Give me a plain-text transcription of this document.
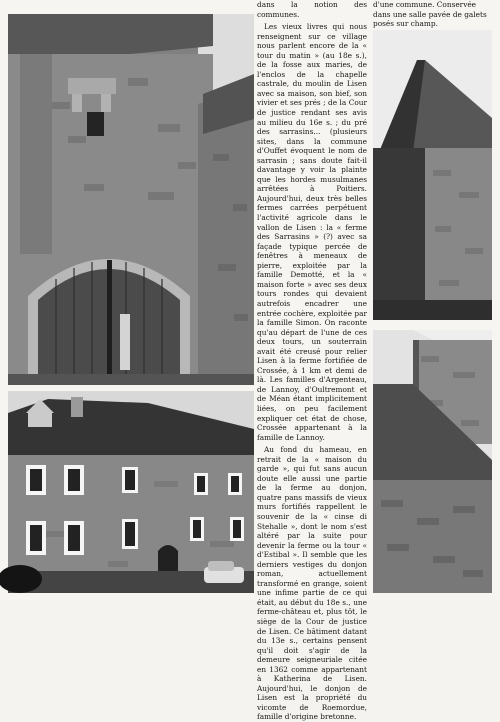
dans la notion des communes.

Les vieux livres qui nous renseignent sur ce village nous parlent encore de la « tour du matin » (au 18e s.), de la fosse aux maries, de l'enclos de la chapelle castrale, du moulin de Lisen avec sa maison, son bief, son vivier et ses prés ; de la Cour de justice rendant ses avis au milieu du 16e s. ; du pré des sarrasins... (plusieurs sites, dans la commune d'Ouffet évoquent le nom de sarrasin ; sans doute fait-il davantage y voir la plainte que les hordes musulmanes arrêtées à Poitiers. Aujourd'hui, deux très belles fermes carrées perpétuent l'activité agricole dans le vallon de Lisen : la « ferme des Sarrasins » (?) avec sa façade typique percée de fenêtres à meneaux de pierre, exploitée par la famille Demotté, et la « maison forte » avec ses deux tours rondes qui devaient autrefois encadrer une entrée cochère, exploitée par la famille Simon. On raconte qu'au départ de l'une de ces deux tours, un souterrain avait été creusé pour relier Lisen à la ferme fortifiée de Crossée, à 1 km et demi de là. Les familles d'Argenteau, de Lannoy, d'Oultremont et de Méan étant implicitement liées, on peu facilement expliquer cet état de chose, Crossée appartenant à la famille de Lannoy.

Au fond du hameau, en retrait de la « maison du garde », qui fut sans aucun doute elle aussi une partie de la ferme au donjon, quatre pans massifs de vieux murs fortifiés rappellent le souvenir de la « cinse di Stehalle », dont le nom s'est altéré par la suite pour devenir la ferme ou la tour « d'Estibal ». Il semble que les derniers vestiges du donjon roman, actuellement transformé en grange, soient une infime partie de ce qui était, au début du 18e s., une ferme-château et, plus tôt, le siège de la Cour de justice de Lisen. Ce bâtiment datant du 13e s., certains pensent qu'il doit s'agir de la demeure seigneuriale citée en 1362 comme appartenant à Katherina de Lisen. Aujourd'hui, le donjon de Lisen est la propriété du vicomte de Roemordue, famille d'origine bretonne.

d'une commune. Conservée dans une salle pavée de galets posés sur champ.
